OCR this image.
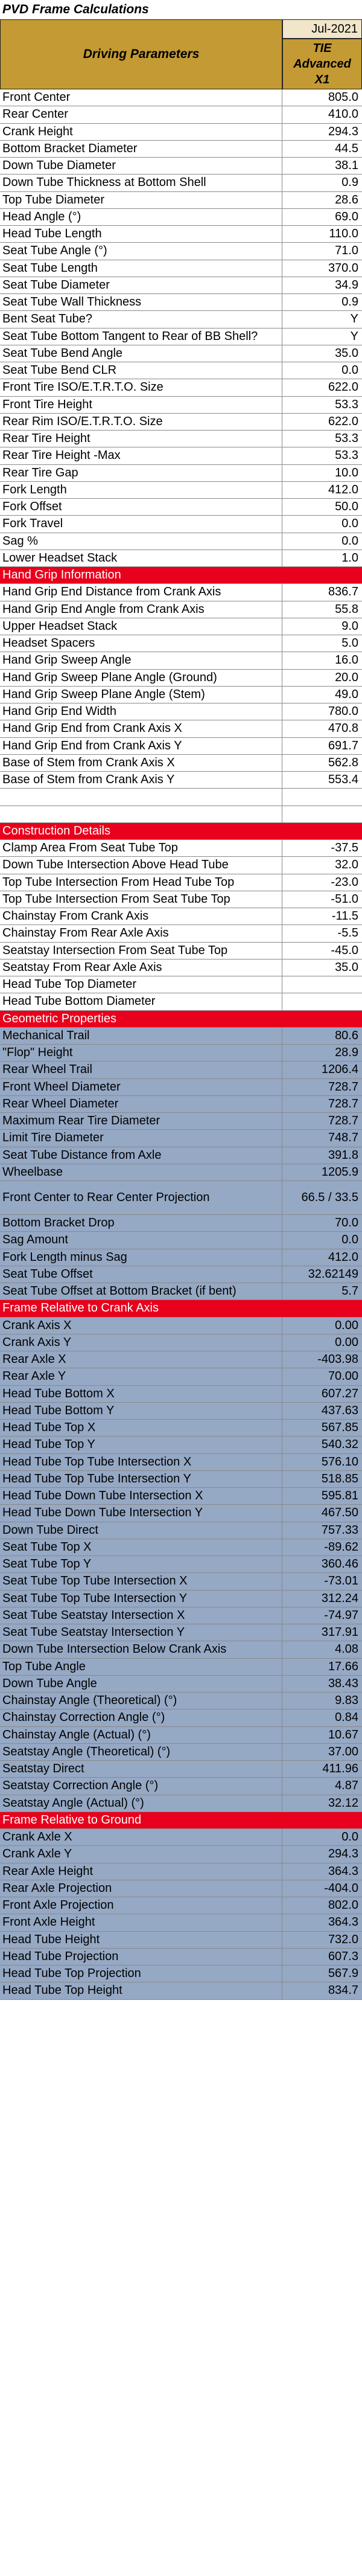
PVD Frame Calculations
Driving Parameters
Jul-2021
TIE
Advanced
X1
Front Center	805.0
Rear Center	410.0
Crank Height	294.3
Bottom Bracket Diameter	44.5
Down Tube Diameter	38.1
Down Tube Thickness at Bottom Shell	0.9
Top Tube Diameter	28.6
Head Angle (°)	69.0
Head Tube Length	110.0
Seat Tube Angle (°)	71.0
Seat Tube Length	370.0
Seat Tube Diameter	34.9
Seat Tube Wall Thickness	0.9
Bent Seat Tube?	Y
Seat Tube Bottom Tangent to Rear of BB Shell?	Y
Seat Tube Bend Angle	35.0
Seat Tube Bend CLR	0.0
Front Tire ISO/E.T.R.T.O. Size	622.0
Front Tire Height	53.3
Rear Rim ISO/E.T.R.T.O. Size	622.0
Rear Tire Height	53.3
Rear Tire Height -Max	53.3
Rear Tire Gap	10.0
Fork Length	412.0
Fork Offset	50.0
Fork Travel	0.0
Sag %	0.0
Lower Headset Stack	1.0
Hand Grip Information
Hand Grip End Distance from Crank Axis	836.7
Hand Grip End Angle from Crank Axis	55.8
Upper Headset Stack	9.0
Headset Spacers	5.0
Hand Grip Sweep Angle	16.0
Hand Grip Sweep Plane Angle (Ground)	20.0
Hand Grip Sweep Plane Angle (Stem)	49.0
Hand Grip End Width	780.0
Hand Grip End from Crank Axis X	470.8
Hand Grip End from Crank Axis Y	691.7
Base of Stem from Crank Axis X	562.8
Base of Stem from Crank Axis Y	553.4
Construction Details
Clamp Area From Seat Tube Top	-37.5
Down Tube Intersection Above Head Tube	32.0
Top Tube Intersection From Head Tube Top	-23.0
Top Tube Intersection From Seat Tube Top	-51.0
Chainstay From Crank Axis	-11.5
Chainstay From Rear Axle Axis	-5.5
Seatstay Intersection From Seat Tube Top	-45.0
Seatstay From Rear Axle Axis	35.0
Head Tube Top Diameter
Head Tube Bottom Diameter
Geometric Properties
Mechanical Trail	80.6
"Flop" Height	28.9
Rear Wheel Trail	1206.4
Front Wheel Diameter	728.7
Rear Wheel Diameter	728.7
Maximum Rear Tire Diameter	728.7
Limit Tire Diameter	748.7
Seat Tube Distance from Axle	391.8
Wheelbase	1205.9
Front Center to Rear Center Projection	66.5 / 33.5
Bottom Bracket Drop	70.0
Sag Amount	0.0
Fork Length minus Sag	412.0
Seat Tube Offset	32.62149
Seat Tube Offset at Bottom Bracket (if bent)	5.7
Frame Relative to Crank Axis
Crank Axis X	0.00
Crank Axis Y	0.00
Rear Axle X	-403.98
Rear Axle Y	70.00
Head Tube Bottom X	607.27
Head Tube Bottom Y	437.63
Head Tube Top X	567.85
Head Tube Top Y	540.32
Head Tube Top Tube Intersection X	576.10
Head Tube Top Tube Intersection Y	518.85
Head Tube Down Tube Intersection X	595.81
Head Tube Down Tube Intersection Y	467.50
Down Tube Direct	757.33
Seat Tube Top X	-89.62
Seat Tube Top Y	360.46
Seat Tube Top Tube Intersection X	-73.01
Seat Tube Top Tube Intersection Y	312.24
Seat Tube Seatstay Intersection X	-74.97
Seat Tube Seatstay Intersection Y	317.91
Down Tube Intersection Below Crank Axis	4.08
Top Tube Angle	17.66
Down Tube Angle	38.43
Chainstay Angle (Theoretical) (°)	9.83
Chainstay Correction Angle (°)	0.84
Chainstay Angle (Actual) (°)	10.67
Seatstay Angle (Theoretical) (°)	37.00
Seatstay Direct	411.96
Seatstay Correction Angle (°)	4.87
Seatstay Angle (Actual) (°)	32.12
Frame Relative to Ground
Crank Axle X	0.0
Crank Axle Y	294.3
Rear Axle Height	364.3
Rear Axle Projection	-404.0
Front Axle Projection	802.0
Front Axle Height	364.3
Head Tube Height	732.0
Head Tube Projection	607.3
Head Tube Top Projection	567.9
Head Tube Top Height	834.7
